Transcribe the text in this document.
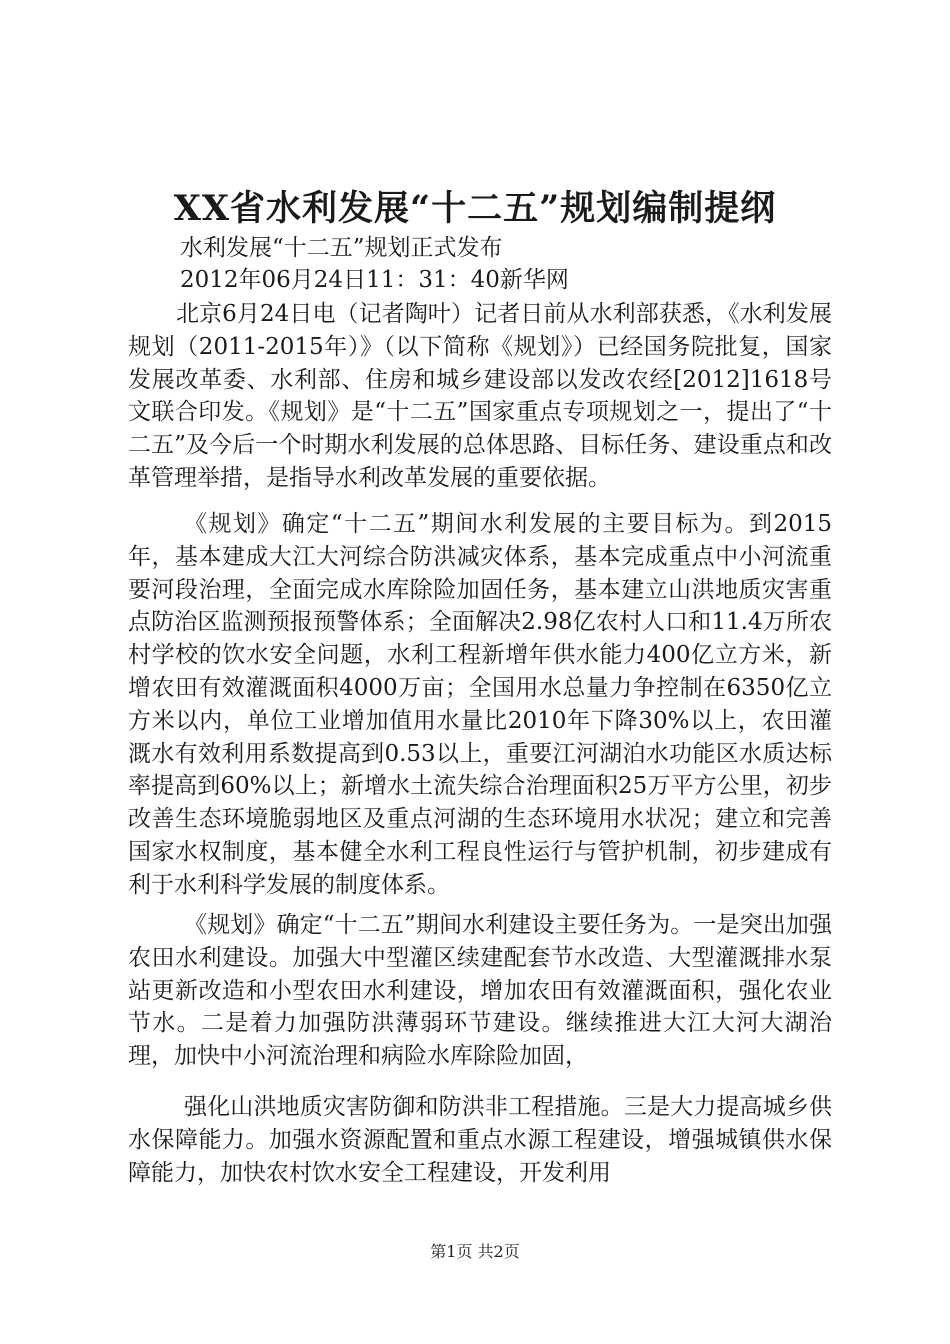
XX省水利发展“十二五”规划编制提纲

水利发展“十二五”规划正式发布

2012年06月24日11：31：40新华网

北京6月24日电（记者陶叶）记者日前从水利部获悉，《水利发展规划（2011-2015年）》（以下简称《规划》）已经国务院批复，国家发展改革委、水利部、住房和城乡建设部以发改农经[2012]1618号文联合印发。《规划》是“十二五”国家重点专项规划之一，提出了“十二五”及今后一个时期水利发展的总体思路、目标任务、建设重点和改革管理举措，是指导水利改革发展的重要依据。

《规划》确定“十二五”期间水利发展的主要目标为。到2015年，基本建成大江大河综合防洪减灾体系，基本完成重点中小河流重要河段治理，全面完成水库除险加固任务，基本建立山洪地质灾害重点防治区监测预报预警体系；全面解决2.98亿农村人口和11.4万所农村学校的饮水安全问题，水利工程新增年供水能力400亿立方米，新增农田有效灌溉面积4000万亩；全国用水总量力争控制在6350亿立方米以内，单位工业增加值用水量比2010年下降30%以上，农田灌溉水有效利用系数提高到0.53以上，重要江河湖泊水功能区水质达标率提高到60%以上；新增水土流失综合治理面积25万平方公里，初步改善生态环境脆弱地区及重点河湖的生态环境用水状况；建立和完善国家水权制度，基本健全水利工程良性运行与管护机制，初步建成有利于水利科学发展的制度体系。

《规划》确定“十二五”期间水利建设主要任务为。一是突出加强农田水利建设。加强大中型灌区续建配套节水改造、大型灌溉排水泵站更新改造和小型农田水利建设，增加农田有效灌溉面积，强化农业节水。二是着力加强防洪薄弱环节建设。继续推进大江大河大湖治理，加快中小河流治理和病险水库除险加固，

强化山洪地质灾害防御和防洪非工程措施。三是大力提高城乡供水保障能力。加强水资源配置和重点水源工程建设，增强城镇供水保障能力，加快农村饮水安全工程建设，开发利用

第1页 共2页
